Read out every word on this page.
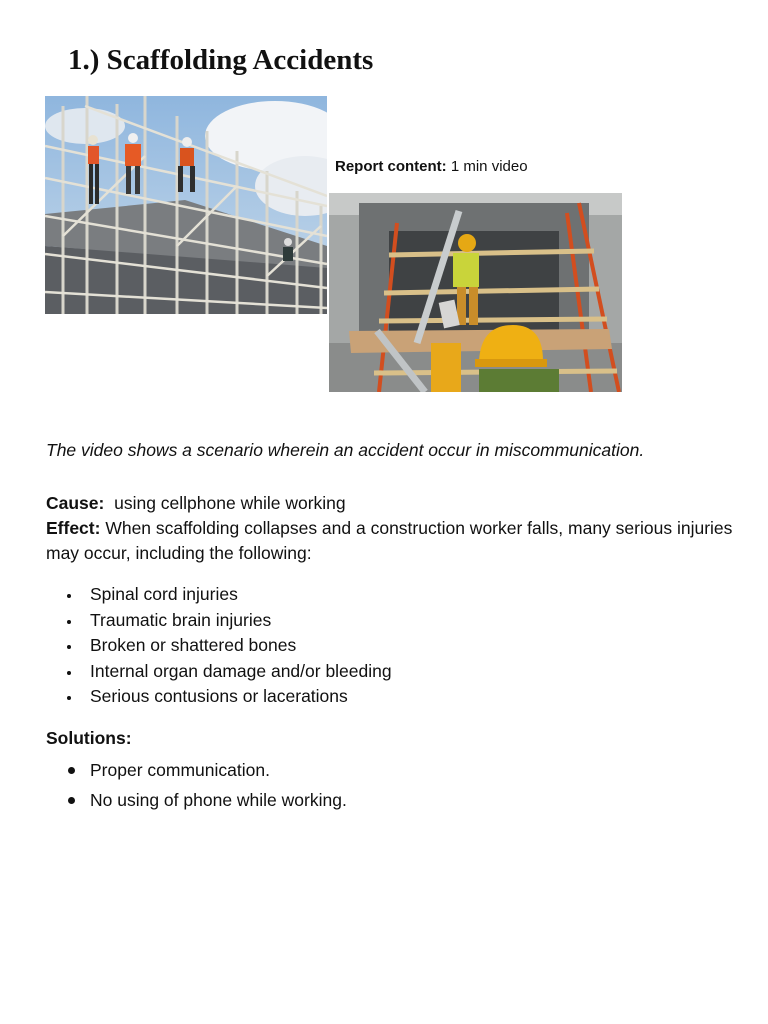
1.) Scaffolding Accidents
Report content: 1 min video

The video shows a scenario wherein an accident occur in miscommunication.

Cause: using cellphone while working
Effect: When scaffolding collapses and a construction worker falls, many serious injuries may occur, including the following:
Spinal cord injuries
Traumatic brain injuries
Broken or shattered bones
Internal organ damage and/or bleeding
Serious contusions or lacerations

Solutions:

Proper communication.
No using of phone while working.
